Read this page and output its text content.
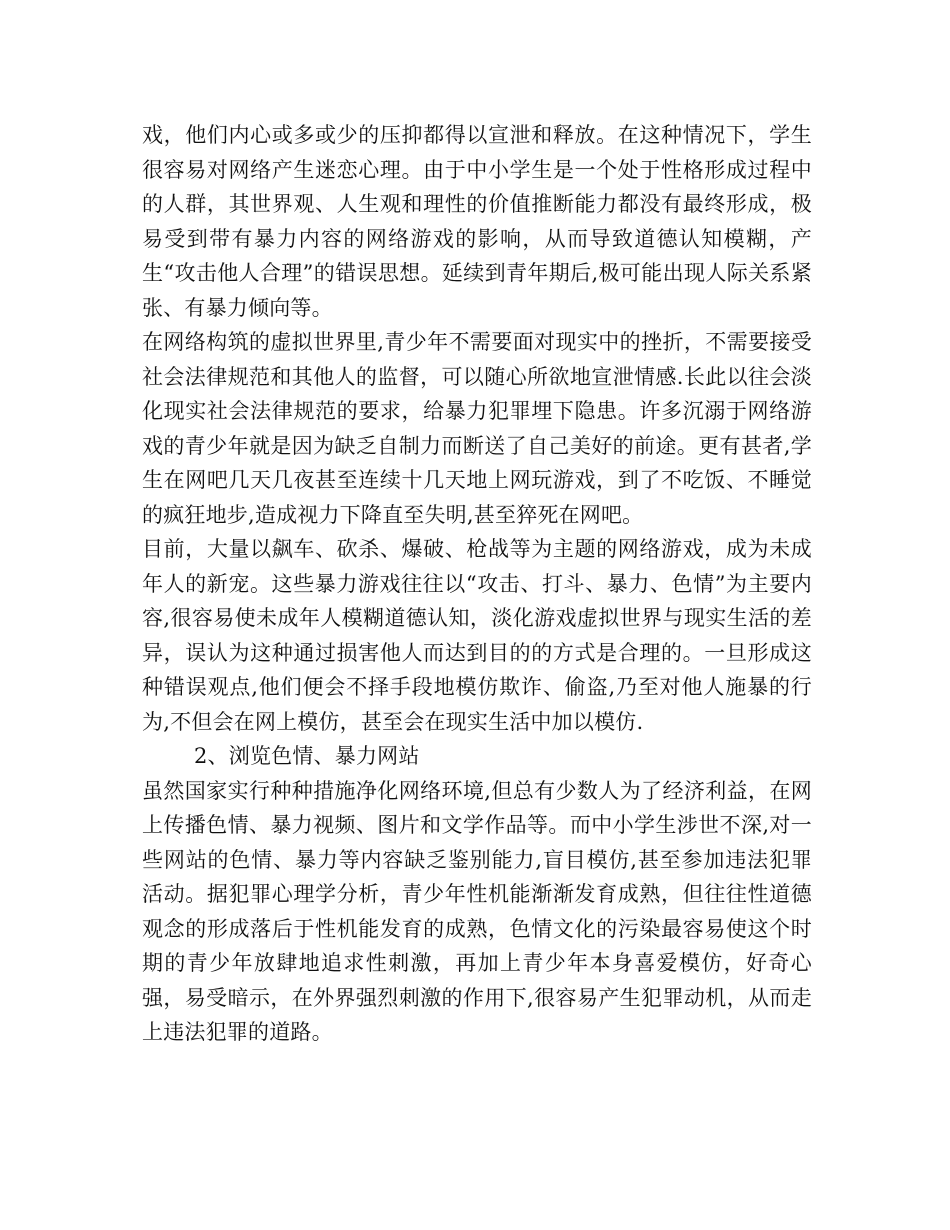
戏，他们内心或多或少的压抑都得以宣泄和释放。在这种情况下，学生很容易对网络产生迷恋心理。由于中小学生是一个处于性格形成过程中的人群，其世界观、人生观和理性的价值推断能力都没有最终形成，极易受到带有暴力内容的网络游戏的影响，从而导致道德认知模糊，产生“攻击他人合理”的错误思想。延续到青年期后,极可能出现人际关系紧张、有暴力倾向等。

在网络构筑的虚拟世界里,青少年不需要面对现实中的挫折，不需要接受社会法律规范和其他人的监督，可以随心所欲地宣泄情感.长此以往会淡化现实社会法律规范的要求，给暴力犯罪埋下隐患。许多沉溺于网络游戏的青少年就是因为缺乏自制力而断送了自己美好的前途。更有甚者,学生在网吧几天几夜甚至连续十几天地上网玩游戏，到了不吃饭、不睡觉的疯狂地步,造成视力下降直至失明,甚至猝死在网吧。

目前，大量以飙车、砍杀、爆破、枪战等为主题的网络游戏，成为未成年人的新宠。这些暴力游戏往往以“攻击、打斗、暴力、色情”为主要内容,很容易使未成年人模糊道德认知，淡化游戏虚拟世界与现实生活的差异，误认为这种通过损害他人而达到目的的方式是合理的。一旦形成这种错误观点,他们便会不择手段地模仿欺诈、偷盗,乃至对他人施暴的行为,不但会在网上模仿，甚至会在现实生活中加以模仿.

2、浏览色情、暴力网站

虽然国家实行种种措施净化网络环境,但总有少数人为了经济利益，在网上传播色情、暴力视频、图片和文学作品等。而中小学生涉世不深,对一些网站的色情、暴力等内容缺乏鉴别能力,盲目模仿,甚至参加违法犯罪活动。据犯罪心理学分析，青少年性机能渐渐发育成熟，但往往性道德观念的形成落后于性机能发育的成熟，色情文化的污染最容易使这个时期的青少年放肆地追求性刺激，再加上青少年本身喜爱模仿，好奇心强，易受暗示，在外界强烈刺激的作用下,很容易产生犯罪动机，从而走上违法犯罪的道路。
